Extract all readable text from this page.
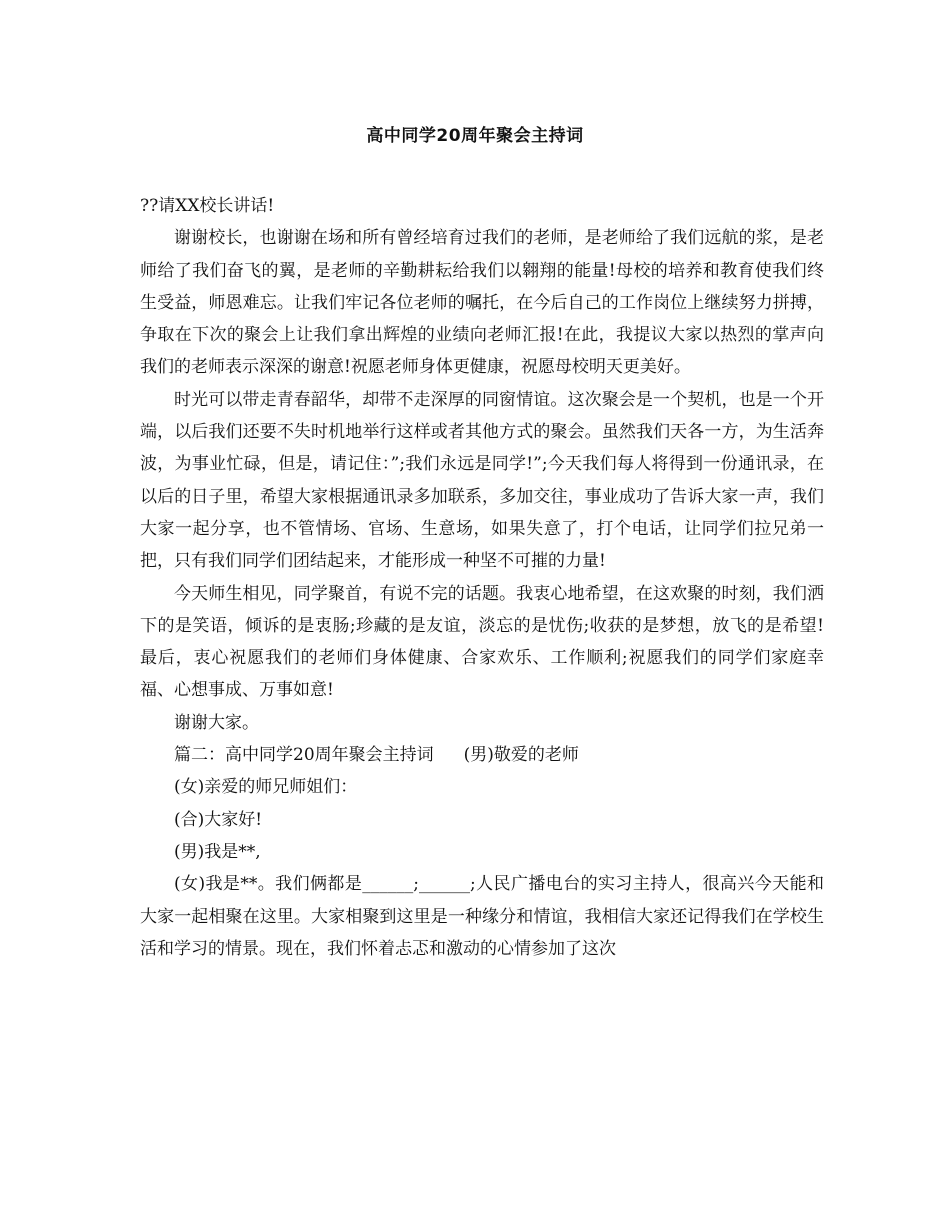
高中同学20周年聚会主持词

??请XX校长讲话!

谢谢校长，也谢谢在场和所有曾经培育过我们的老师，是老师给了我们远航的浆，是老师给了我们奋飞的翼，是老师的辛勤耕耘给我们以翱翔的能量!母校的培养和教育使我们终生受益，师恩难忘。让我们牢记各位老师的嘱托，在今后自己的工作岗位上继续努力拼搏，争取在下次的聚会上让我们拿出辉煌的业绩向老师汇报!在此，我提议大家以热烈的掌声向我们的老师表示深深的谢意!祝愿老师身体更健康，祝愿母校明天更美好。

时光可以带走青春韶华，却带不走深厚的同窗情谊。这次聚会是一个契机，也是一个开端，以后我们还要不失时机地举行这样或者其他方式的聚会。虽然我们天各一方，为生活奔波，为事业忙碌，但是，请记住：”;我们永远是同学!”;今天我们每人将得到一份通讯录，在以后的日子里，希望大家根据通讯录多加联系，多加交往，事业成功了告诉大家一声，我们大家一起分享，也不管情场、官场、生意场，如果失意了，打个电话，让同学们拉兄弟一把，只有我们同学们团结起来，才能形成一种坚不可摧的力量!

今天师生相见，同学聚首，有说不完的话题。我衷心地希望，在这欢聚的时刻，我们洒下的是笑语，倾诉的是衷肠;珍藏的是友谊，淡忘的是忧伤;收获的是梦想，放飞的是希望! 最后，衷心祝愿我们的老师们身体健康、合家欢乐、工作顺利;祝愿我们的同学们家庭幸福、心想事成、万事如意!

谢谢大家。

篇二：高中同学20周年聚会主持词 (男)敬爱的老师

(女)亲爱的师兄师姐们：

(合)大家好!

(男)我是**,

(女)我是**。我们俩都是______;______;人民广播电台的实习主持人，很高兴今天能和大家一起相聚在这里。大家相聚到这里是一种缘分和情谊，我相信大家还记得我们在学校生活和学习的情景。现在，我们怀着忐忑和激动的心情参加了这次
